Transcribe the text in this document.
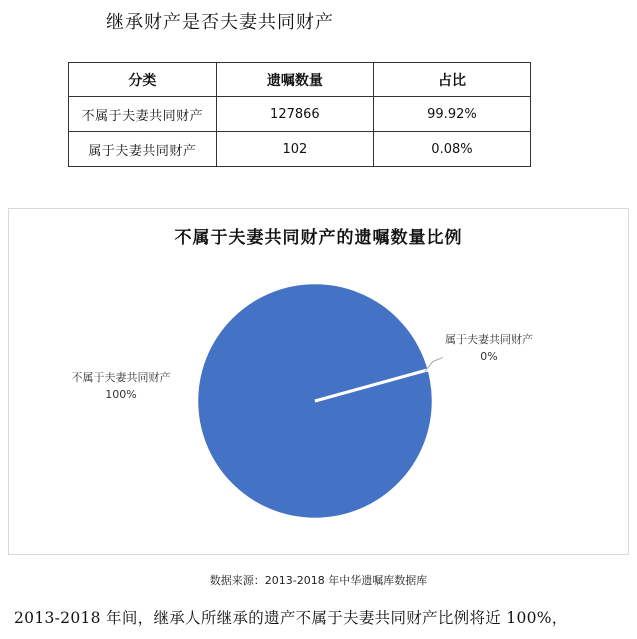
继承财产是否夫妻共同财产
分类	遗嘱数量	占比
不属于夫妻共同财产	127866	99.92%
属于夫妻共同财产	102	0.08%
不属于夫妻共同财产的遗嘱数量比例
不属于夫妻共同财产
100%
属于夫妻共同财产
0%
数据来源：2013-2018 年中华遗嘱库数据库
2013-2018 年间，继承人所继承的遗产不属于夫妻共同财产比例将近 100%，
